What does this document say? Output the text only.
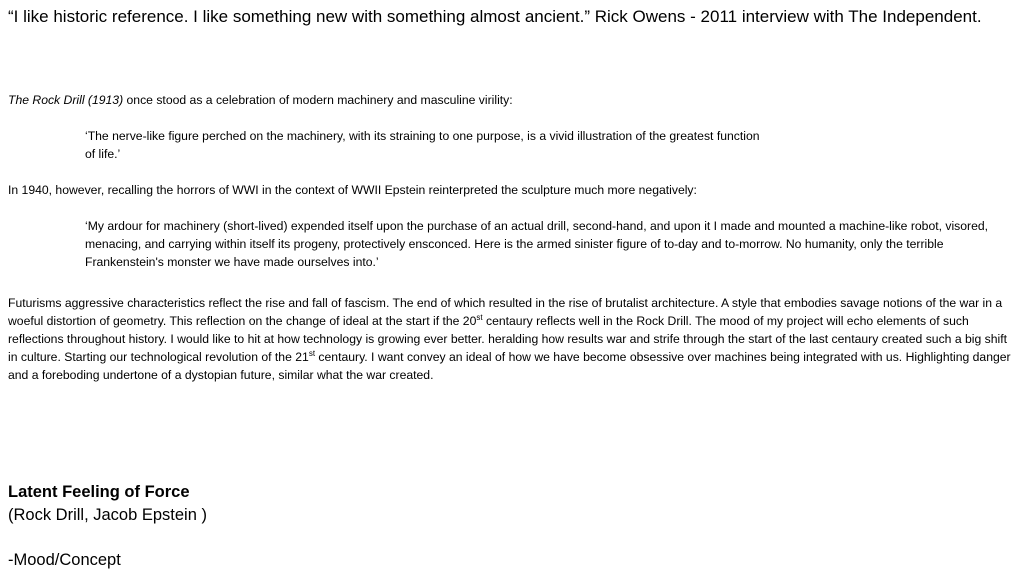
“I like historic reference. I like something new with something almost ancient.” Rick Owens - 2011 interview with The Independent.
The Rock Drill (1913) once stood as a celebration of modern machinery and masculine virility:
‘The nerve-like figure perched on the machinery, with its straining to one purpose, is a vivid illustration of the greatest function of life.’
In 1940, however, recalling the horrors of WWI in the context of WWII Epstein reinterpreted the sculpture much more negatively:
‘My ardour for machinery (short-lived) expended itself upon the purchase of an actual drill, second-hand, and upon it I made and mounted a machine-like robot, visored, menacing, and carrying within itself its progeny, protectively ensconced. Here is the armed sinister figure of to-day and to-morrow. No humanity, only the terrible Frankenstein's monster we have made ourselves into.’
Futurisms aggressive characteristics reflect the rise and fall of fascism. The end of which resulted in the rise of brutalist architecture. A style that embodies savage notions of the war in a woeful distortion of geometry. This reflection on the change of ideal at the start if the 20st centaury reflects well in the Rock Drill. The mood of my project will echo elements of such reflections throughout history. I would like to hit at how technology is growing ever better. heralding how results war and strife through the start of the last centaury created such a big shift in culture. Starting our technological revolution of the 21st centaury. I want convey an ideal of how we have become obsessive over machines being integrated with us. Highlighting danger and a foreboding undertone of a dystopian future, similar what the war created.
Latent Feeling of Force
(Rock Drill, Jacob Epstein )
-Mood/Concept
